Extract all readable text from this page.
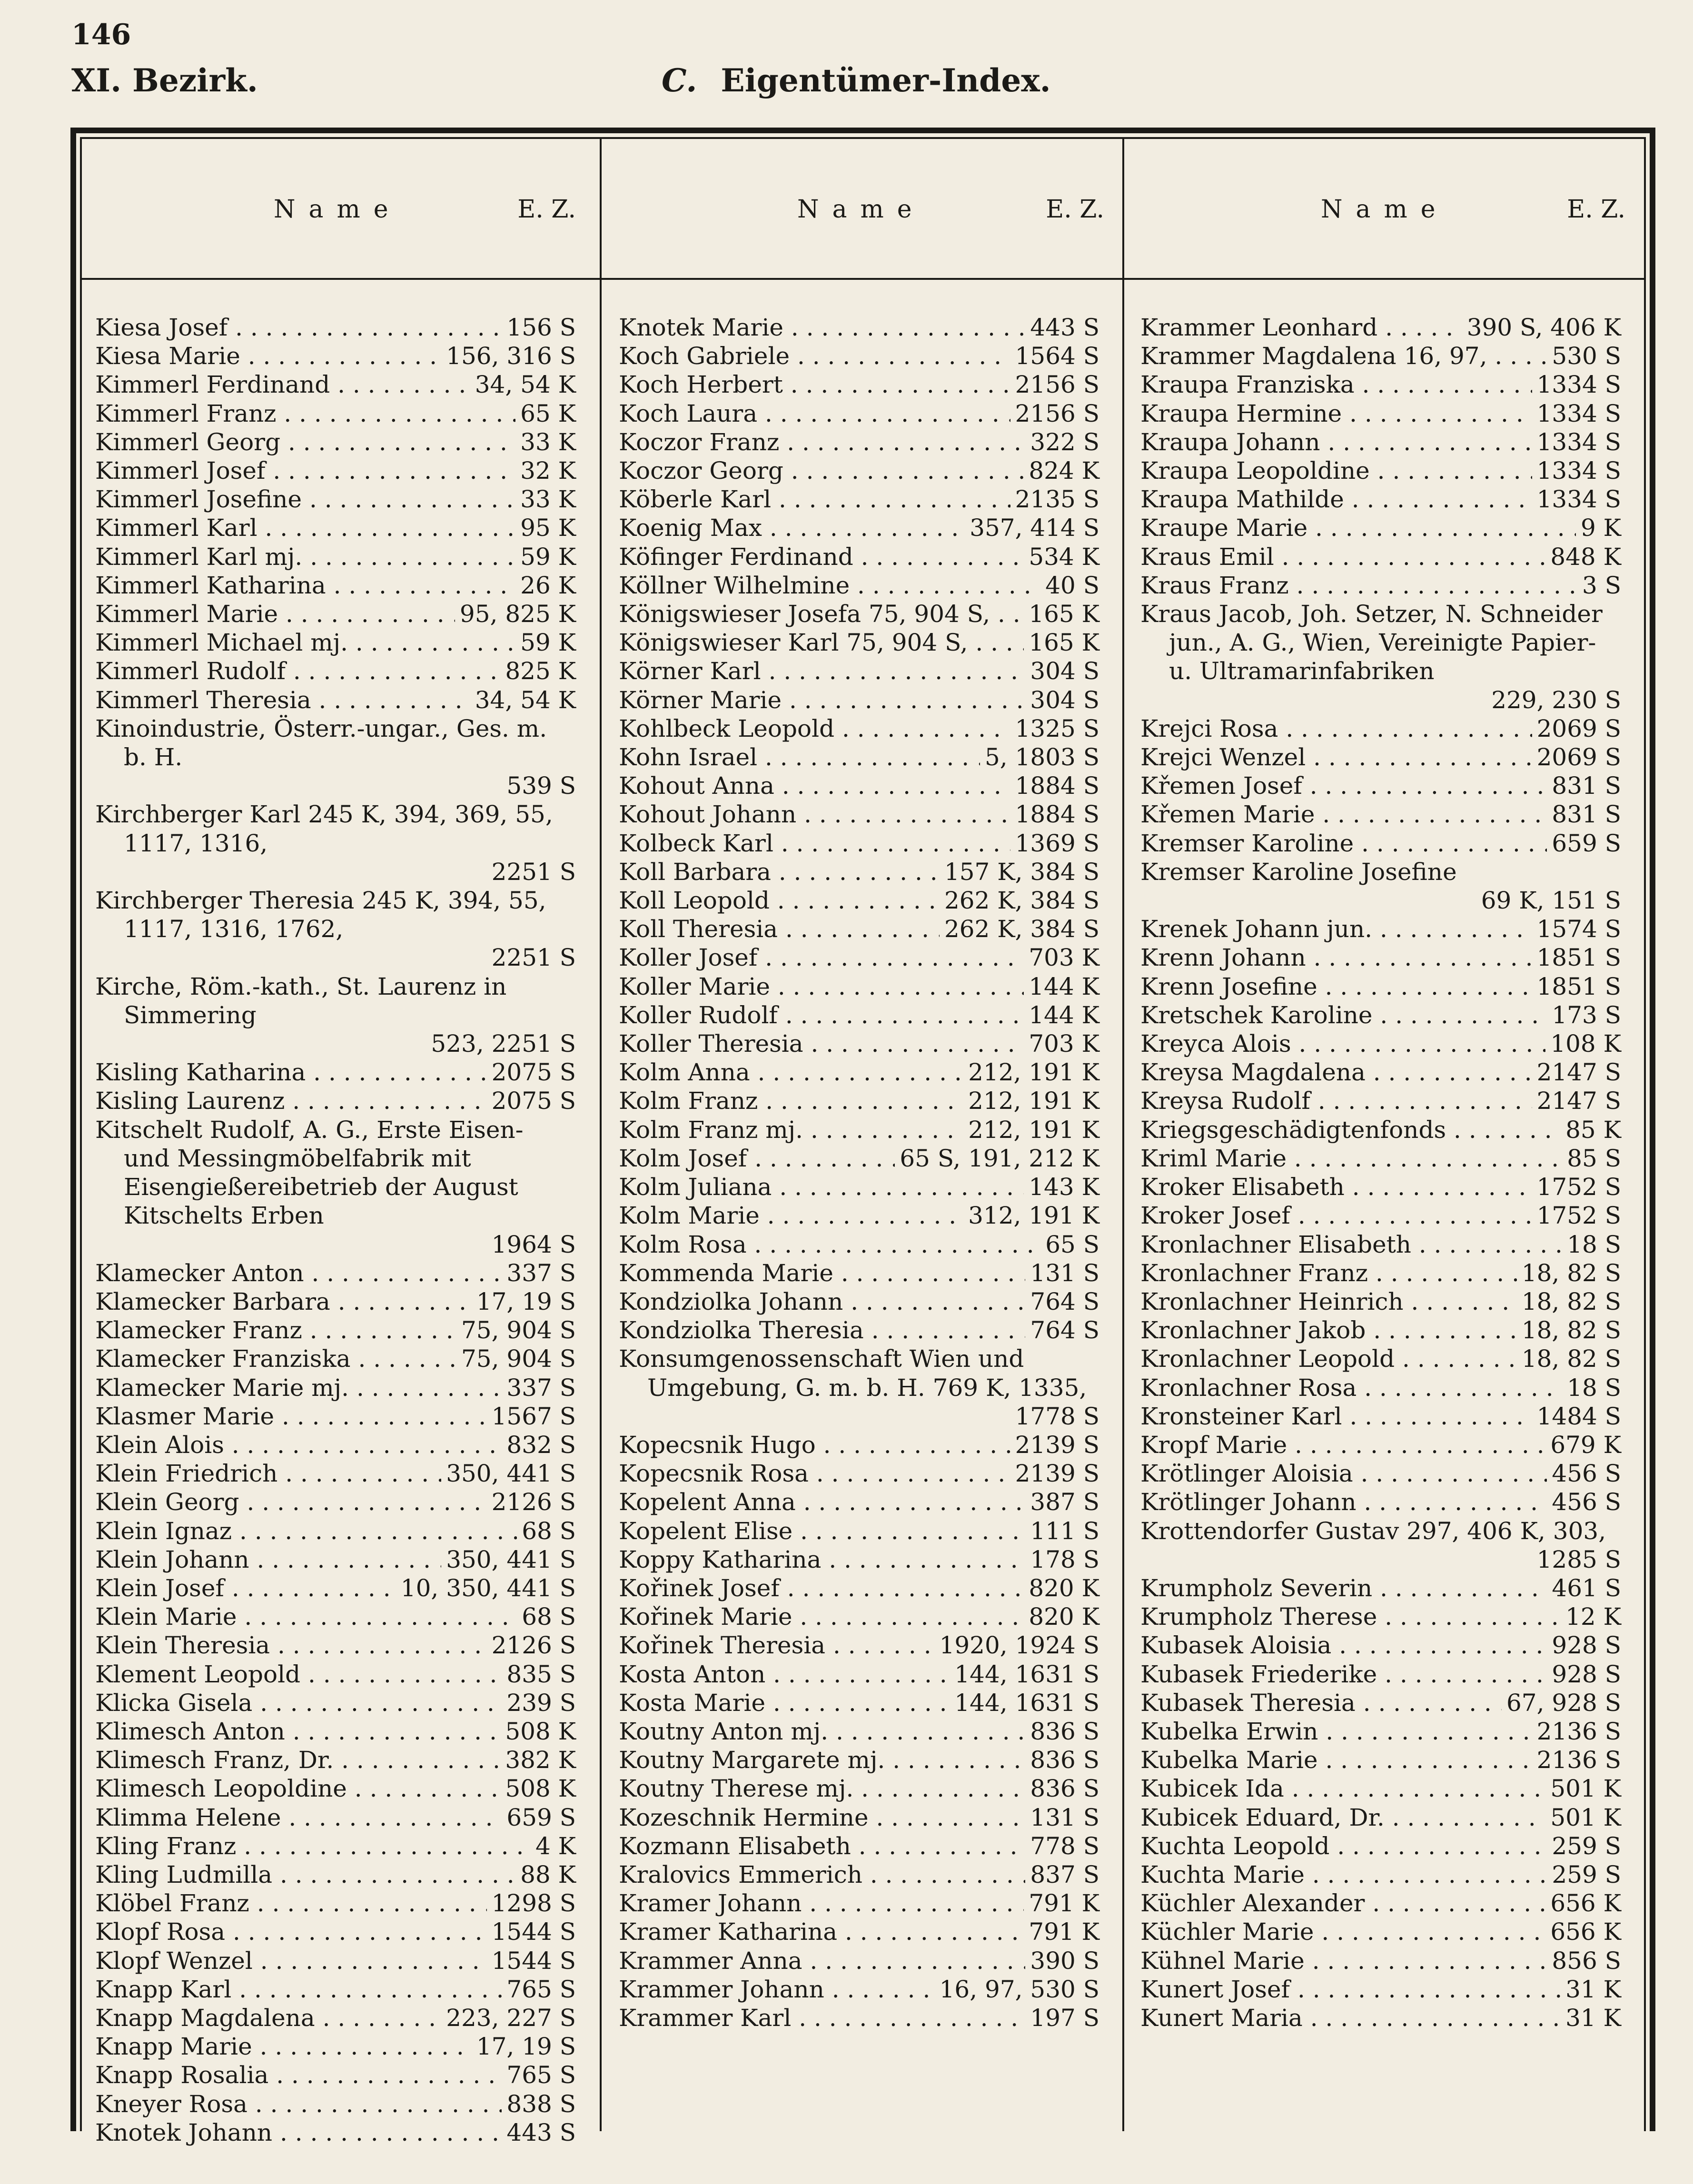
146
XI. Bezirk.	C. Eigentümer-Index.
Name	E. Z.	Name	E. Z.	Name	E. Z.
Kiesa Josef . . .	156 S
Kiesa Marie . . .	156, 316 S
Kimmerl Ferdinand . . .	34, 54 K
Kimmerl Franz . . .	65 K
Kimmerl Georg . . .	33 K
Kimmerl Josef . . .	32 K
Kimmerl Josefine . . .	33 K
Kimmerl Karl . . .	95 K
Kimmerl Karl mj. . . .	59 K
Kimmerl Katharina . . .	26 K
Kimmerl Marie . . .	95, 825 K
Kimmerl Michael mj. . . .	59 K
Kimmerl Rudolf . . .	825 K
Kimmerl Theresia . . .	34, 54 K
Kinoindustrie, Österr.-ungar., Ges. m. b. H.
539 S
Kirchberger Karl 245 K, 394, 369, 55, 1117, 1316,
2251 S
Kirchberger Theresia 245 K, 394, 55, 1117, 1316, 1762,
2251 S
Kirche, Röm.-kath., St. Laurenz in Simmering
523, 2251 S
Kisling Katharina . . .	2075 S
Kisling Laurenz . . .	2075 S
Kitschelt Rudolf, A. G., Erste Eisen- und Messingmöbelfabrik mit Eisengießereibetrieb der August Kitschelts Erben
1964 S
Klamecker Anton . . .	337 S
Klamecker Barbara . . .	17, 19 S
Klamecker Franz . . .	75, 904 S
Klamecker Franziska . . .	75, 904 S
Klamecker Marie mj. . . .	337 S
Klasmer Marie . . .	1567 S
Klein Alois . . .	832 S
Klein Friedrich . . .	350, 441 S
Klein Georg . . .	2126 S
Klein Ignaz . . .	68 S
Klein Johann . . .	350, 441 S
Klein Josef . . .	10, 350, 441 S
Klein Marie . . .	68 S
Klein Theresia . . .	2126 S
Klement Leopold . . .	835 S
Klicka Gisela . . .	239 S
Klimesch Anton . . .	508 K
Klimesch Franz, Dr. . . .	382 K
Klimesch Leopoldine . . .	508 K
Klimma Helene . . .	659 S
Kling Franz . . .	4 K
Kling Ludmilla . . .	88 K
Klöbel Franz . . .	1298 S
Klopf Rosa . . .	1544 S
Klopf Wenzel . . .	1544 S
Knapp Karl . . .	765 S
Knapp Magdalena . . .	223, 227 S
Knapp Marie . . .	17, 19 S
Knapp Rosalia . . .	765 S
Kneyer Rosa . . .	838 S
Knotek Johann . . .	443 S
Knotek Marie . . .	443 S
Koch Gabriele . . .	1564 S
Koch Herbert . . .	2156 S
Koch Laura . . .	2156 S
Koczor Franz . . .	322 S
Koczor Georg . . .	824 K
Köberle Karl . . .	2135 S
Koenig Max . . .	357, 414 S
Köfinger Ferdinand . . .	534 K
Köllner Wilhelmine . . .	40 S
Königswieser Josefa 75, 904 S, . . .	165 K
Königswieser Karl 75, 904 S, . . .	165 K
Körner Karl . . .	304 S
Körner Marie . . .	304 S
Kohlbeck Leopold . . .	1325 S
Kohn Israel . . .	5, 1803 S
Kohout Anna . . .	1884 S
Kohout Johann . . .	1884 S
Kolbeck Karl . . .	1369 S
Koll Barbara . . .	157 K, 384 S
Koll Leopold . . .	262 K, 384 S
Koll Theresia . . .	262 K, 384 S
Koller Josef . . .	703 K
Koller Marie . . .	144 K
Koller Rudolf . . .	144 K
Koller Theresia . . .	703 K
Kolm Anna . . .	212, 191 K
Kolm Franz . . .	212, 191 K
Kolm Franz mj. . . .	212, 191 K
Kolm Josef . . .	65 S, 191, 212 K
Kolm Juliana . . .	143 K
Kolm Marie . . .	312, 191 K
Kolm Rosa . . .	65 S
Kommenda Marie . . .	131 S
Kondziolka Johann . . .	764 S
Kondziolka Theresia . . .	764 S
Konsumgenossenschaft Wien und Umgebung, G. m. b. H. 769 K, 1335,
1778 S
Kopecsnik Hugo . . .	2139 S
Kopecsnik Rosa . . .	2139 S
Kopelent Anna . . .	387 S
Kopelent Elise . . .	111 S
Koppy Katharina . . .	178 S
Kořinek Josef . . .	820 K
Kořinek Marie . . .	820 K
Kořinek Theresia . . .	1920, 1924 S
Kosta Anton . . .	144, 1631 S
Kosta Marie . . .	144, 1631 S
Koutny Anton mj. . . .	836 S
Koutny Margarete mj. . . .	836 S
Koutny Therese mj. . . .	836 S
Kozeschnik Hermine . . .	131 S
Kozmann Elisabeth . . .	778 S
Kralovics Emmerich . . .	837 S
Kramer Johann . . .	791 K
Kramer Katharina . . .	791 K
Krammer Anna . . .	390 S
Krammer Johann . . .	16, 97, 530 S
Krammer Karl . . .	197 S
Krammer Leonhard . . .	390 S, 406 K
Krammer Magdalena 16, 97, . . .	530 S
Kraupa Franziska . . .	1334 S
Kraupa Hermine . . .	1334 S
Kraupa Johann . . .	1334 S
Kraupa Leopoldine . . .	1334 S
Kraupa Mathilde . . .	1334 S
Kraupe Marie . . .	9 K
Kraus Emil . . .	848 K
Kraus Franz . . .	3 S
Kraus Jacob, Joh. Setzer, N. Schneider jun., A. G., Wien, Vereinigte Papier- u. Ultramarinfabriken
229, 230 S
Krejci Rosa . . .	2069 S
Krejci Wenzel . . .	2069 S
Křemen Josef . . .	831 S
Křemen Marie . . .	831 S
Kremser Karoline . . .	659 S
Kremser Karoline Josefine
69 K, 151 S
Krenek Johann jun. . . .	1574 S
Krenn Johann . . .	1851 S
Krenn Josefine . . .	1851 S
Kretschek Karoline . . .	173 S
Kreyca Alois . . .	108 K
Kreysa Magdalena . . .	2147 S
Kreysa Rudolf . . .	2147 S
Kriegsgeschädigtenfonds . . .	85 K
Kriml Marie . . .	85 S
Kroker Elisabeth . . .	1752 S
Kroker Josef . . .	1752 S
Kronlachner Elisabeth . . .	18 S
Kronlachner Franz . . .	18, 82 S
Kronlachner Heinrich . . .	18, 82 S
Kronlachner Jakob . . .	18, 82 S
Kronlachner Leopold . . .	18, 82 S
Kronlachner Rosa . . .	18 S
Kronsteiner Karl . . .	1484 S
Kropf Marie . . .	679 K
Krötlinger Aloisia . . .	456 S
Krötlinger Johann . . .	456 S
Krottendorfer Gustav 297, 406 K, 303,
1285 S
Krumpholz Severin . . .	461 S
Krumpholz Therese . . .	12 K
Kubasek Aloisia . . .	928 S
Kubasek Friederike . . .	928 S
Kubasek Theresia . . .	67, 928 S
Kubelka Erwin . . .	2136 S
Kubelka Marie . . .	2136 S
Kubicek Ida . . .	501 K
Kubicek Eduard, Dr. . . .	501 K
Kuchta Leopold . . .	259 S
Kuchta Marie . . .	259 S
Küchler Alexander . . .	656 K
Küchler Marie . . .	656 K
Kühnel Marie . . .	856 S
Kunert Josef . . .	31 K
Kunert Maria . . .	31 K
